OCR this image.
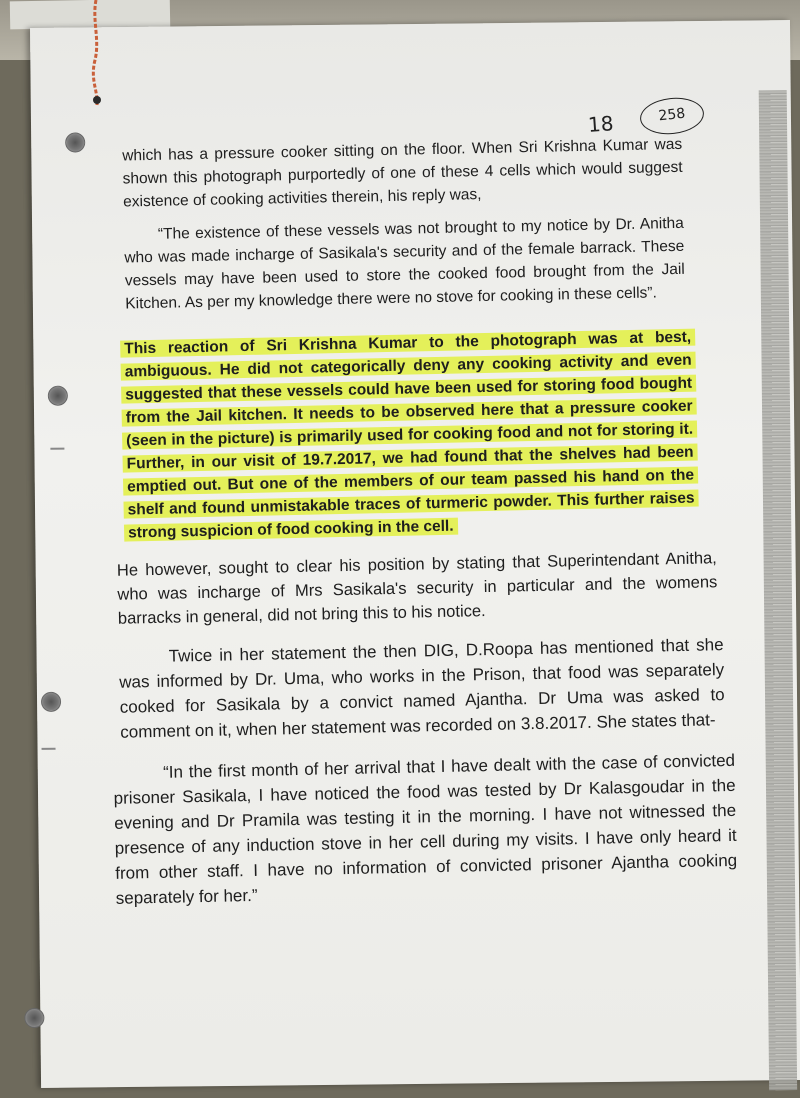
18	258

which has a pressure cooker sitting on the floor. When Sri Krishna Kumar was shown this photograph purportedly of one of these 4 cells which would suggest existence of cooking activities therein, his reply was,

“The existence of these vessels was not brought to my notice by Dr. Anitha who was made incharge of Sasikala's security and of the female barrack. These vessels may have been used to store the cooked food brought from the Jail Kitchen. As per my knowledge there were no stove for cooking in these cells”.

This reaction of Sri Krishna Kumar to the photograph was at best, ambiguous. He did not categorically deny any cooking activity and even suggested that these vessels could have been used for storing food bought from the Jail kitchen. It needs to be observed here that a pressure cooker (seen in the picture) is primarily used for cooking food and not for storing it. Further, in our visit of 19.7.2017, we had found that the shelves had been emptied out. But one of the members of our team passed his hand on the shelf and found unmistakable traces of turmeric powder. This further raises strong suspicion of food cooking in the cell.

He however, sought to clear his position by stating that Superintendant Anitha, who was incharge of Mrs Sasikala's security in particular and the womens barracks in general, did not bring this to his notice.

Twice in her statement the then DIG, D.Roopa has mentioned that she was informed by Dr. Uma, who works in the Prison, that food was separately cooked for Sasikala by a convict named Ajantha. Dr Uma was asked to comment on it, when her statement was recorded on 3.8.2017. She states that-

“In the first month of her arrival that I have dealt with the case of convicted prisoner Sasikala, I have noticed the food was tested by Dr Kalasgoudar in the evening and Dr Pramila was testing it in the morning. I have not witnessed the presence of any induction stove in her cell during my visits. I have only heard it from other staff. I have no information of convicted prisoner Ajantha cooking separately for her.”
